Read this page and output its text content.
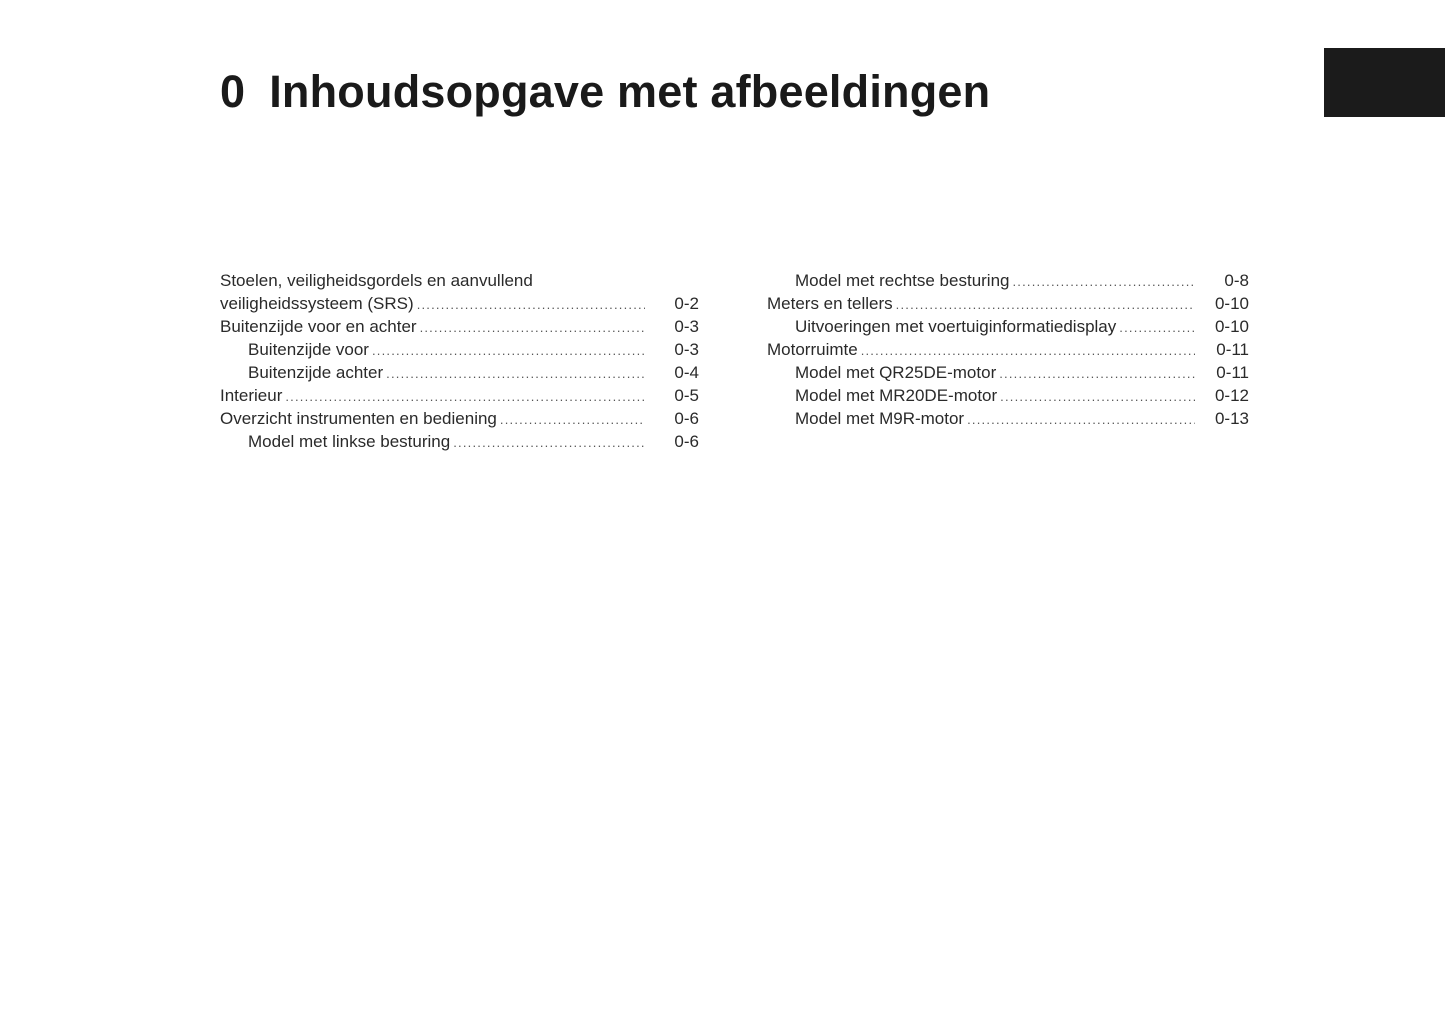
0 Inhoudsopgave met afbeeldingen
Stoelen, veiligheidsgordels en aanvullend
veiligheidssysteem (SRS) .....	0-2
Buitenzijde voor en achter .....	0-3
Buitenzijde voor .....	0-3
Buitenzijde achter .....	0-4
Interieur .....	0-5
Overzicht instrumenten en bediening .....	0-6
Model met linkse besturing .....	0-6
Model met rechtse besturing .....	0-8
Meters en tellers .....	0-10
Uitvoeringen met voertuiginformatiedisplay .....	0-10
Motorruimte .....	0-11
Model met QR25DE-motor .....	0-11
Model met MR20DE-motor .....	0-12
Model met M9R-motor .....	0-13
